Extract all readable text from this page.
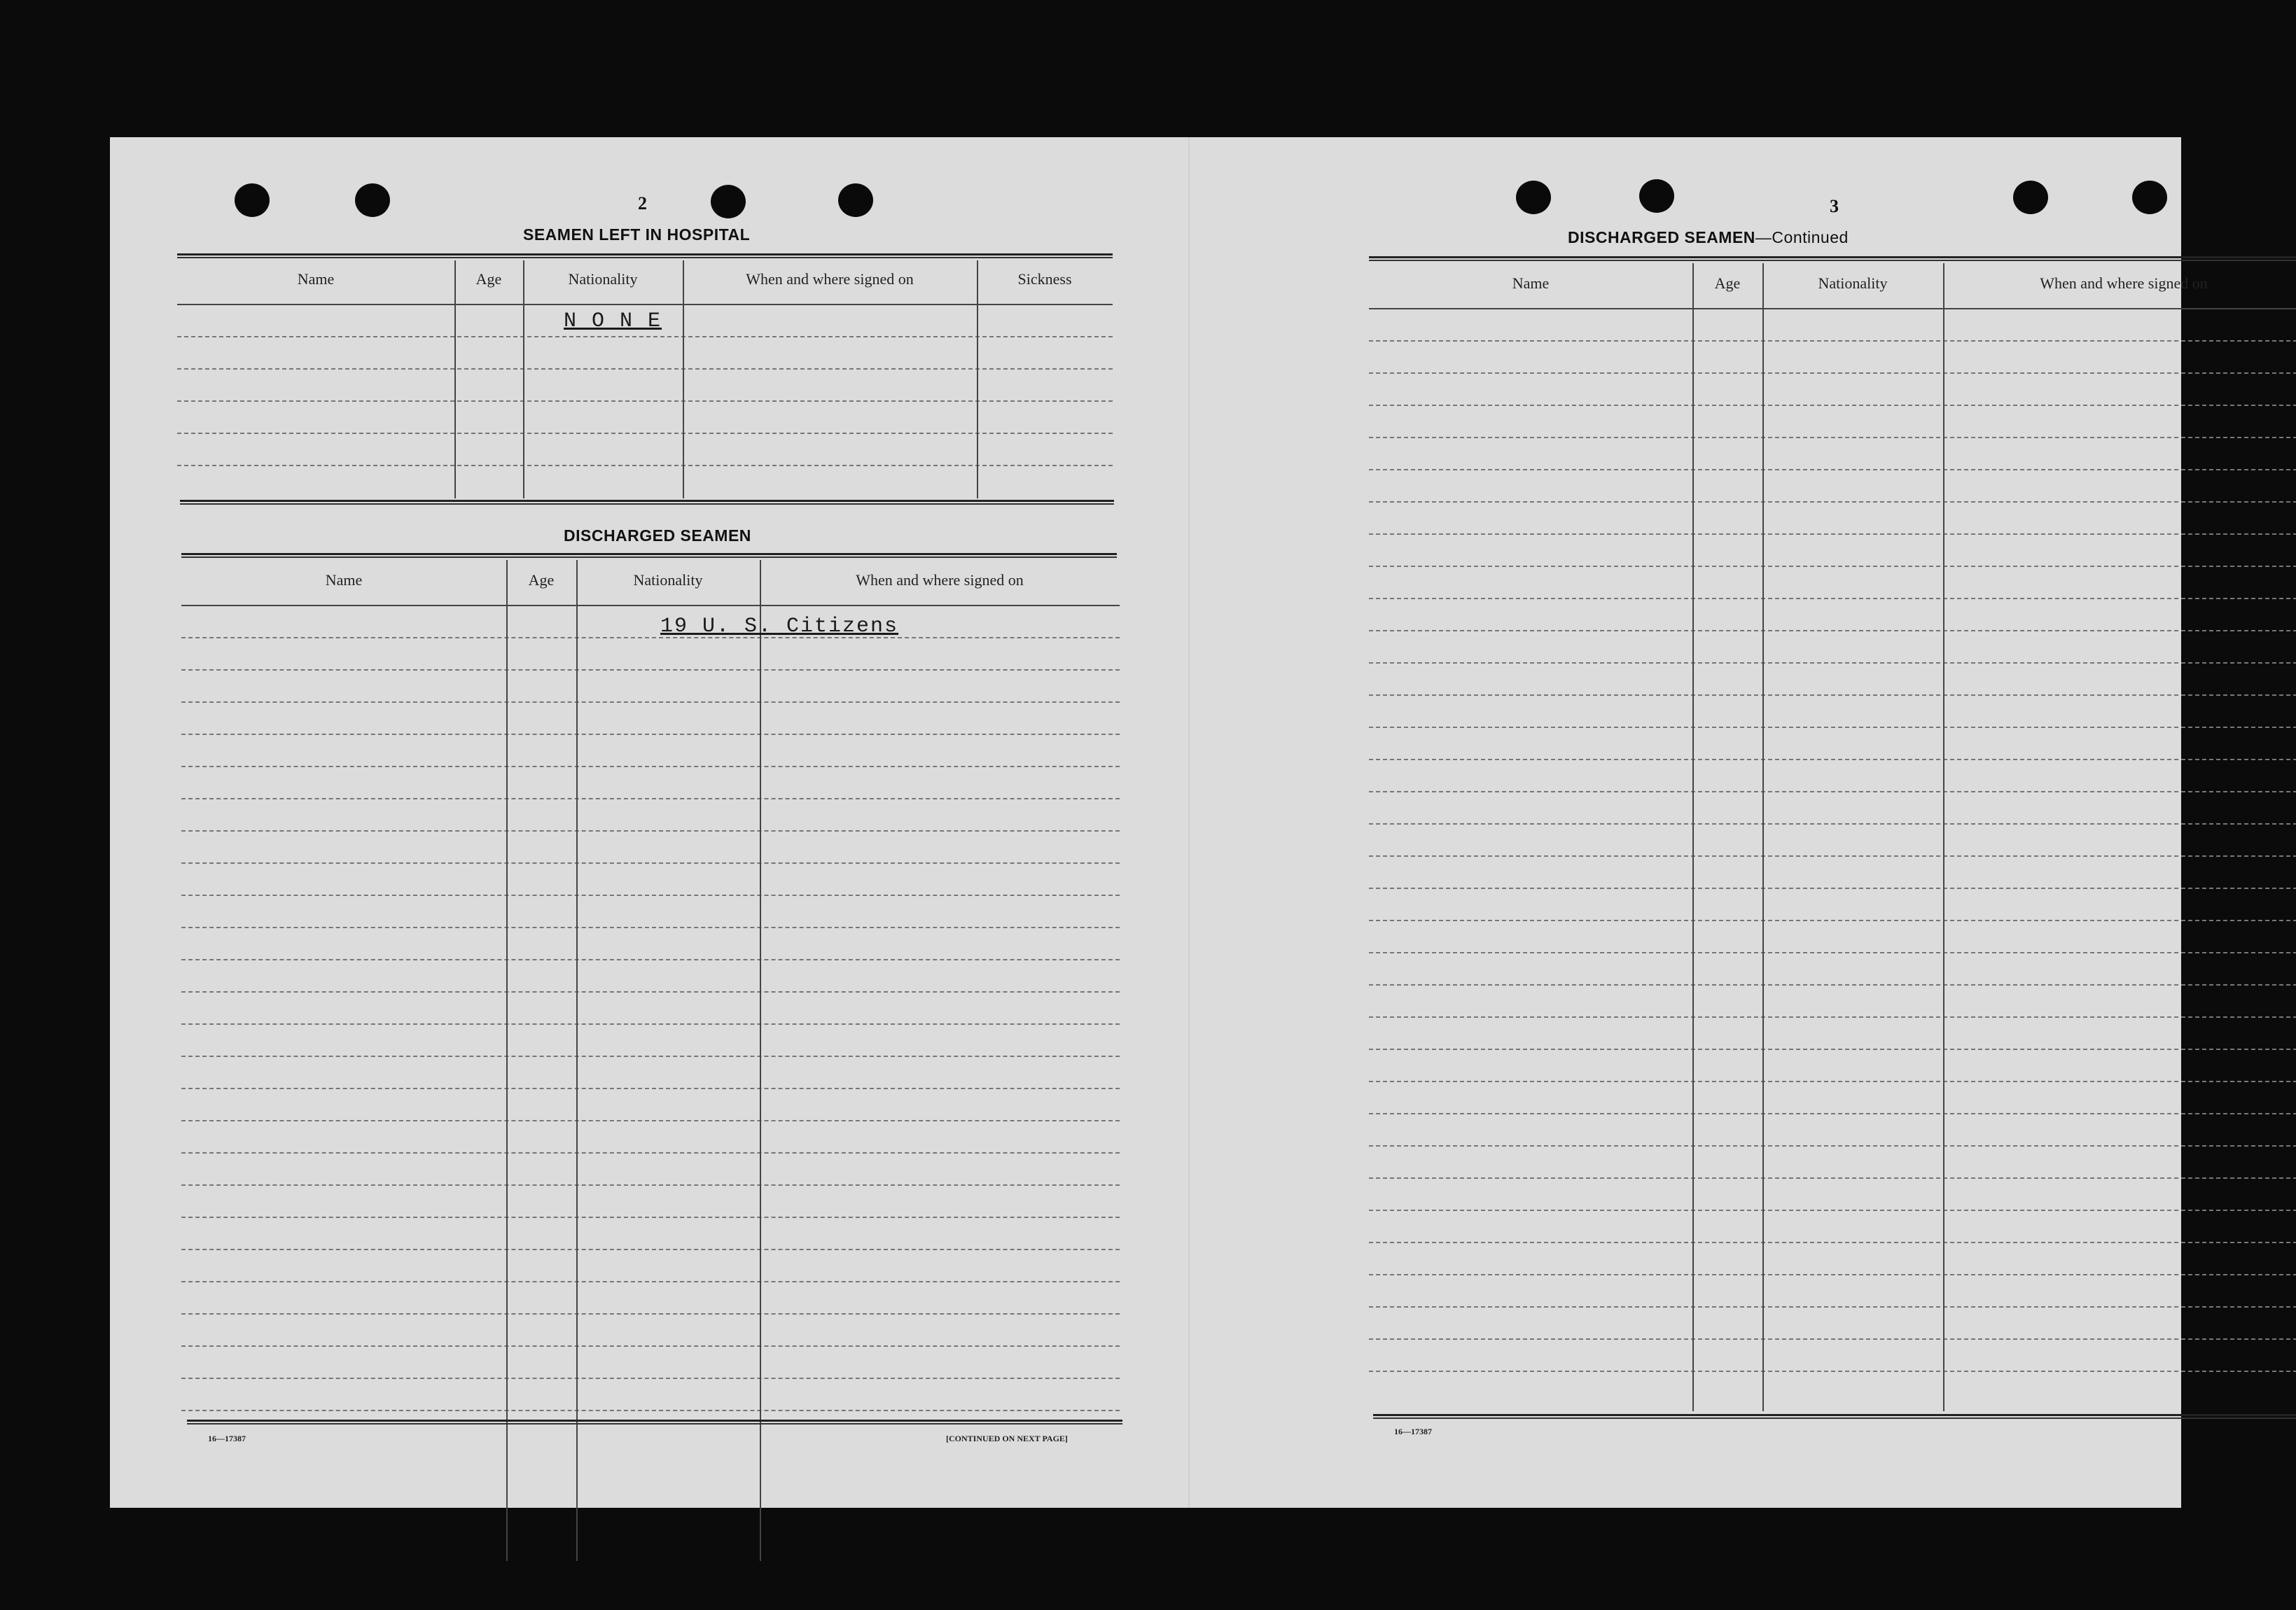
2
SEAMEN LEFT IN HOSPITAL
Name	Age	Nationality	When and where signed on	Sickness
N O N E
DISCHARGED SEAMEN
Name	Age	Nationality	When and where signed on
19 U. S. Citizens
16—17387	[CONTINUED ON NEXT PAGE]
3
DISCHARGED SEAMEN—Continued
Name	Age	Nationality	When and where signed on
16—17387
